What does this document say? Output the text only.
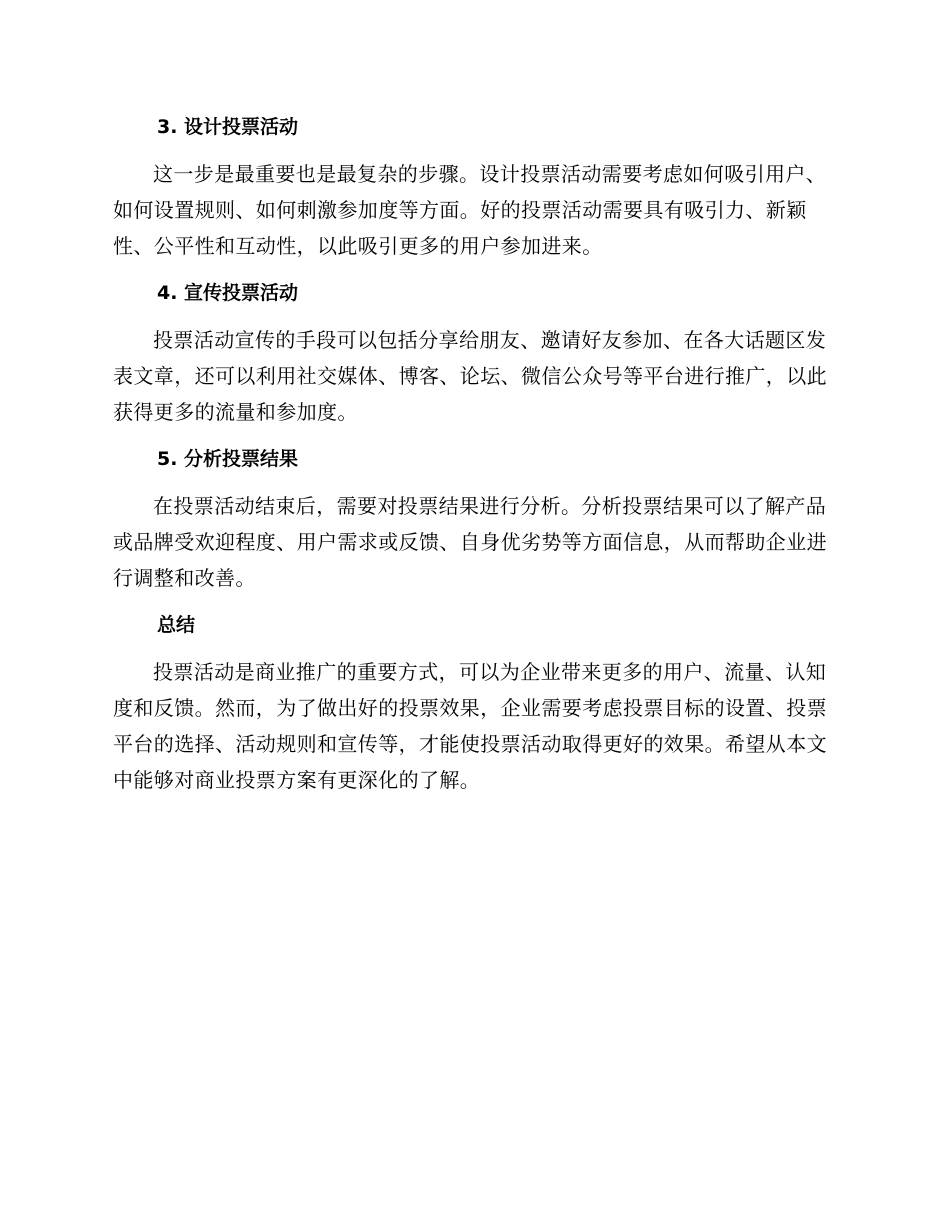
3. 设计投票活动

这一步是最重要也是最复杂的步骤。设计投票活动需要考虑如何吸引用户、如何设置规则、如何刺激参加度等方面。好的投票活动需要具有吸引力、新颖性、公平性和互动性，以此吸引更多的用户参加进来。

4. 宣传投票活动

投票活动宣传的手段可以包括分享给朋友、邀请好友参加、在各大话题区发表文章，还可以利用社交媒体、博客、论坛、微信公众号等平台进行推广，以此获得更多的流量和参加度。

5. 分析投票结果

在投票活动结束后，需要对投票结果进行分析。分析投票结果可以了解产品或品牌受欢迎程度、用户需求或反馈、自身优劣势等方面信息，从而帮助企业进行调整和改善。

总结

投票活动是商业推广的重要方式，可以为企业带来更多的用户、流量、认知度和反馈。然而，为了做出好的投票效果，企业需要考虑投票目标的设置、投票平台的选择、活动规则和宣传等，才能使投票活动取得更好的效果。希望从本文中能够对商业投票方案有更深化的了解。
